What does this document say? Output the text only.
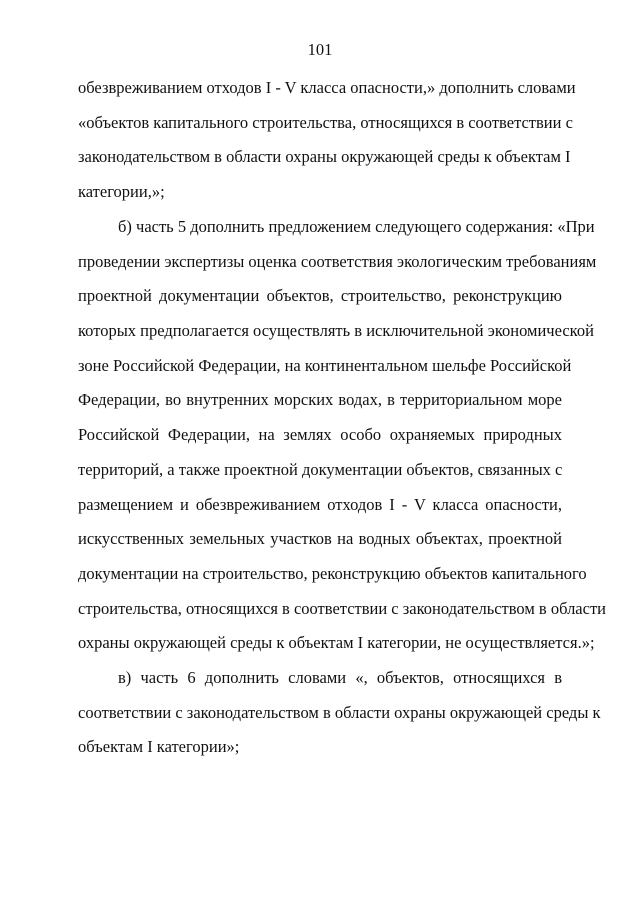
101
обезвреживанием отходов I - V класса опасности,» дополнить словами
«объектов капитального строительства, относящихся в соответствии с
законодательством в области охраны окружающей среды к объектам I
категории,»;
б) часть 5 дополнить предложением следующего содержания: «При
проведении экспертизы оценка соответствия экологическим требованиям
проектной документации объектов, строительство, реконструкцию
которых предполагается осуществлять в исключительной экономической
зоне Российской Федерации, на континентальном шельфе Российской
Федерации, во внутренних морских водах, в территориальном море
Российской Федерации, на землях особо охраняемых природных
территорий, а также проектной документации объектов, связанных с
размещением и обезвреживанием отходов I - V класса опасности,
искусственных земельных участков на водных объектах, проектной
документации на строительство, реконструкцию объектов капитального
строительства, относящихся в соответствии с законодательством в области
охраны окружающей среды к объектам I категории, не осуществляется.»;
в) часть 6 дополнить словами «, объектов, относящихся в
соответствии с законодательством в области охраны окружающей среды к
объектам I категории»;
